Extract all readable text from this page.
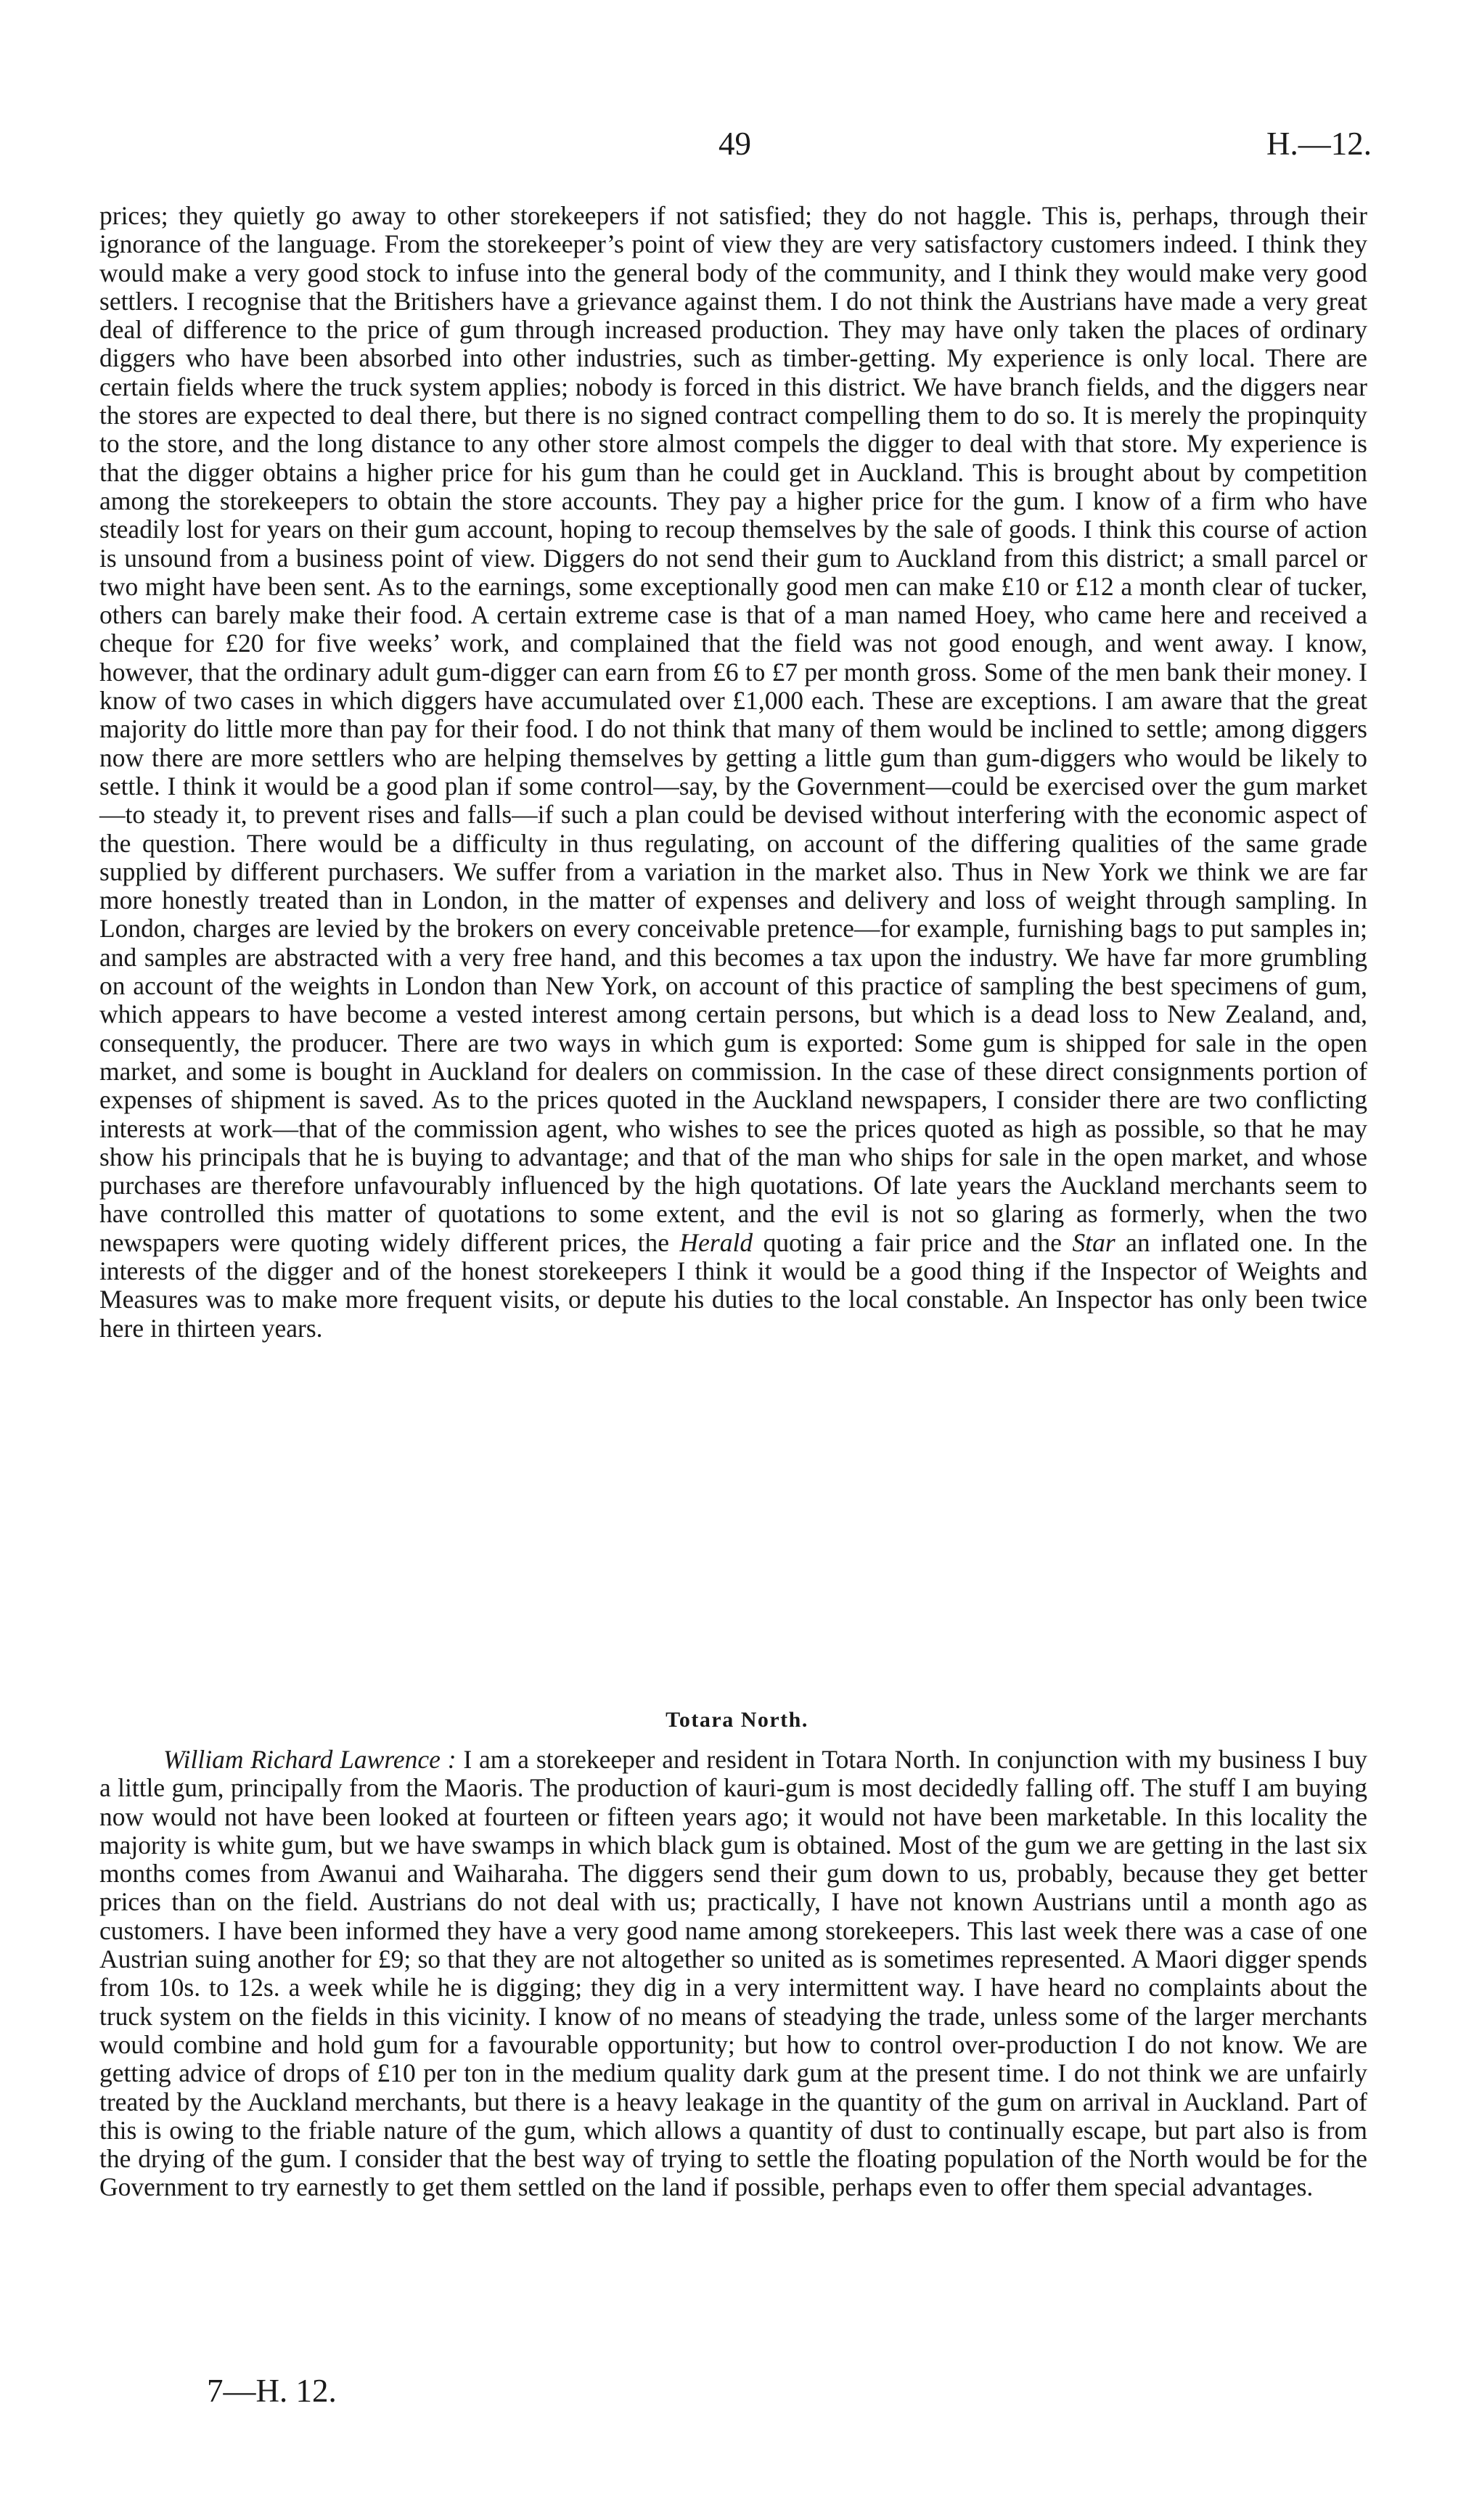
49	H.—12.

prices; they quietly go away to other storekeepers if not satisfied; they do not haggle. This is, perhaps, through their ignorance of the language. From the storekeeper’s point of view they are very satisfactory customers indeed. I think they would make a very good stock to infuse into the general body of the community, and I think they would make very good settlers. I recognise that the Britishers have a grievance against them. I do not think the Austrians have made a very great deal of difference to the price of gum through increased production. They may have only taken the places of ordinary diggers who have been absorbed into other industries, such as timber-getting. My experience is only local. There are certain fields where the truck system applies; nobody is forced in this district. We have branch fields, and the diggers near the stores are expected to deal there, but there is no signed contract compelling them to do so. It is merely the propinquity to the store, and the long distance to any other store almost compels the digger to deal with that store. My experience is that the digger obtains a higher price for his gum than he could get in Auckland. This is brought about by competition among the storekeepers to obtain the store accounts. They pay a higher price for the gum. I know of a firm who have steadily lost for years on their gum account, hoping to recoup themselves by the sale of goods. I think this course of action is unsound from a business point of view. Diggers do not send their gum to Auckland from this district; a small parcel or two might have been sent. As to the earnings, some exceptionally good men can make £10 or £12 a month clear of tucker, others can barely make their food. A certain extreme case is that of a man named Hoey, who came here and received a cheque for £20 for five weeks’ work, and complained that the field was not good enough, and went away. I know, however, that the ordinary adult gum-digger can earn from £6 to £7 per month gross. Some of the men bank their money. I know of two cases in which diggers have accumulated over £1,000 each. These are exceptions. I am aware that the great majority do little more than pay for their food. I do not think that many of them would be inclined to settle; among diggers now there are more settlers who are helping themselves by getting a little gum than gum-diggers who would be likely to settle. I think it would be a good plan if some control—say, by the Government—could be exercised over the gum market—to steady it, to prevent rises and falls—if such a plan could be devised without interfering with the economic aspect of the question. There would be a difficulty in thus regulating, on account of the differing qualities of the same grade supplied by different purchasers. We suffer from a variation in the market also. Thus in New York we think we are far more honestly treated than in London, in the matter of expenses and delivery and loss of weight through sampling. In London, charges are levied by the brokers on every conceivable pretence—for example, furnishing bags to put samples in; and samples are abstracted with a very free hand, and this becomes a tax upon the industry. We have far more grumbling on account of the weights in London than New York, on account of this practice of sampling the best specimens of gum, which appears to have become a vested interest among certain persons, but which is a dead loss to New Zealand, and, consequently, the producer. There are two ways in which gum is exported: Some gum is shipped for sale in the open market, and some is bought in Auckland for dealers on commission. In the case of these direct consignments portion of expenses of shipment is saved. As to the prices quoted in the Auckland newspapers, I consider there are two conflicting interests at work—that of the commission agent, who wishes to see the prices quoted as high as possible, so that he may show his principals that he is buying to advantage; and that of the man who ships for sale in the open market, and whose purchases are therefore unfavourably influenced by the high quotations. Of late years the Auckland merchants seem to have controlled this matter of quotations to some extent, and the evil is not so glaring as formerly, when the two newspapers were quoting widely different prices, the Herald quoting a fair price and the Star an inflated one. In the interests of the digger and of the honest storekeepers I think it would be a good thing if the Inspector of Weights and Measures was to make more frequent visits, or depute his duties to the local constable. An Inspector has only been twice here in thirteen years.

Totara North.

William Richard Lawrence : I am a storekeeper and resident in Totara North. In conjunction with my business I buy a little gum, principally from the Maoris. The production of kauri-gum is most decidedly falling off. The stuff I am buying now would not have been looked at fourteen or fifteen years ago; it would not have been marketable. In this locality the majority is white gum, but we have swamps in which black gum is obtained. Most of the gum we are getting in the last six months comes from Awanui and Waiharaha. The diggers send their gum down to us, probably, because they get better prices than on the field. Austrians do not deal with us; practically, I have not known Austrians until a month ago as customers. I have been informed they have a very good name among storekeepers. This last week there was a case of one Austrian suing another for £9; so that they are not altogether so united as is sometimes represented. A Maori digger spends from 10s. to 12s. a week while he is digging; they dig in a very intermittent way. I have heard no complaints about the truck system on the fields in this vicinity. I know of no means of steadying the trade, unless some of the larger merchants would combine and hold gum for a favourable opportunity; but how to control over-production I do not know. We are getting advice of drops of £10 per ton in the medium quality dark gum at the present time. I do not think we are unfairly treated by the Auckland merchants, but there is a heavy leakage in the quantity of the gum on arrival in Auckland. Part of this is owing to the friable nature of the gum, which allows a quantity of dust to continually escape, but part also is from the drying of the gum. I consider that the best way of trying to settle the floating population of the North would be for the Government to try earnestly to get them settled on the land if possible, perhaps even to offer them special advantages.

7—H. 12.
